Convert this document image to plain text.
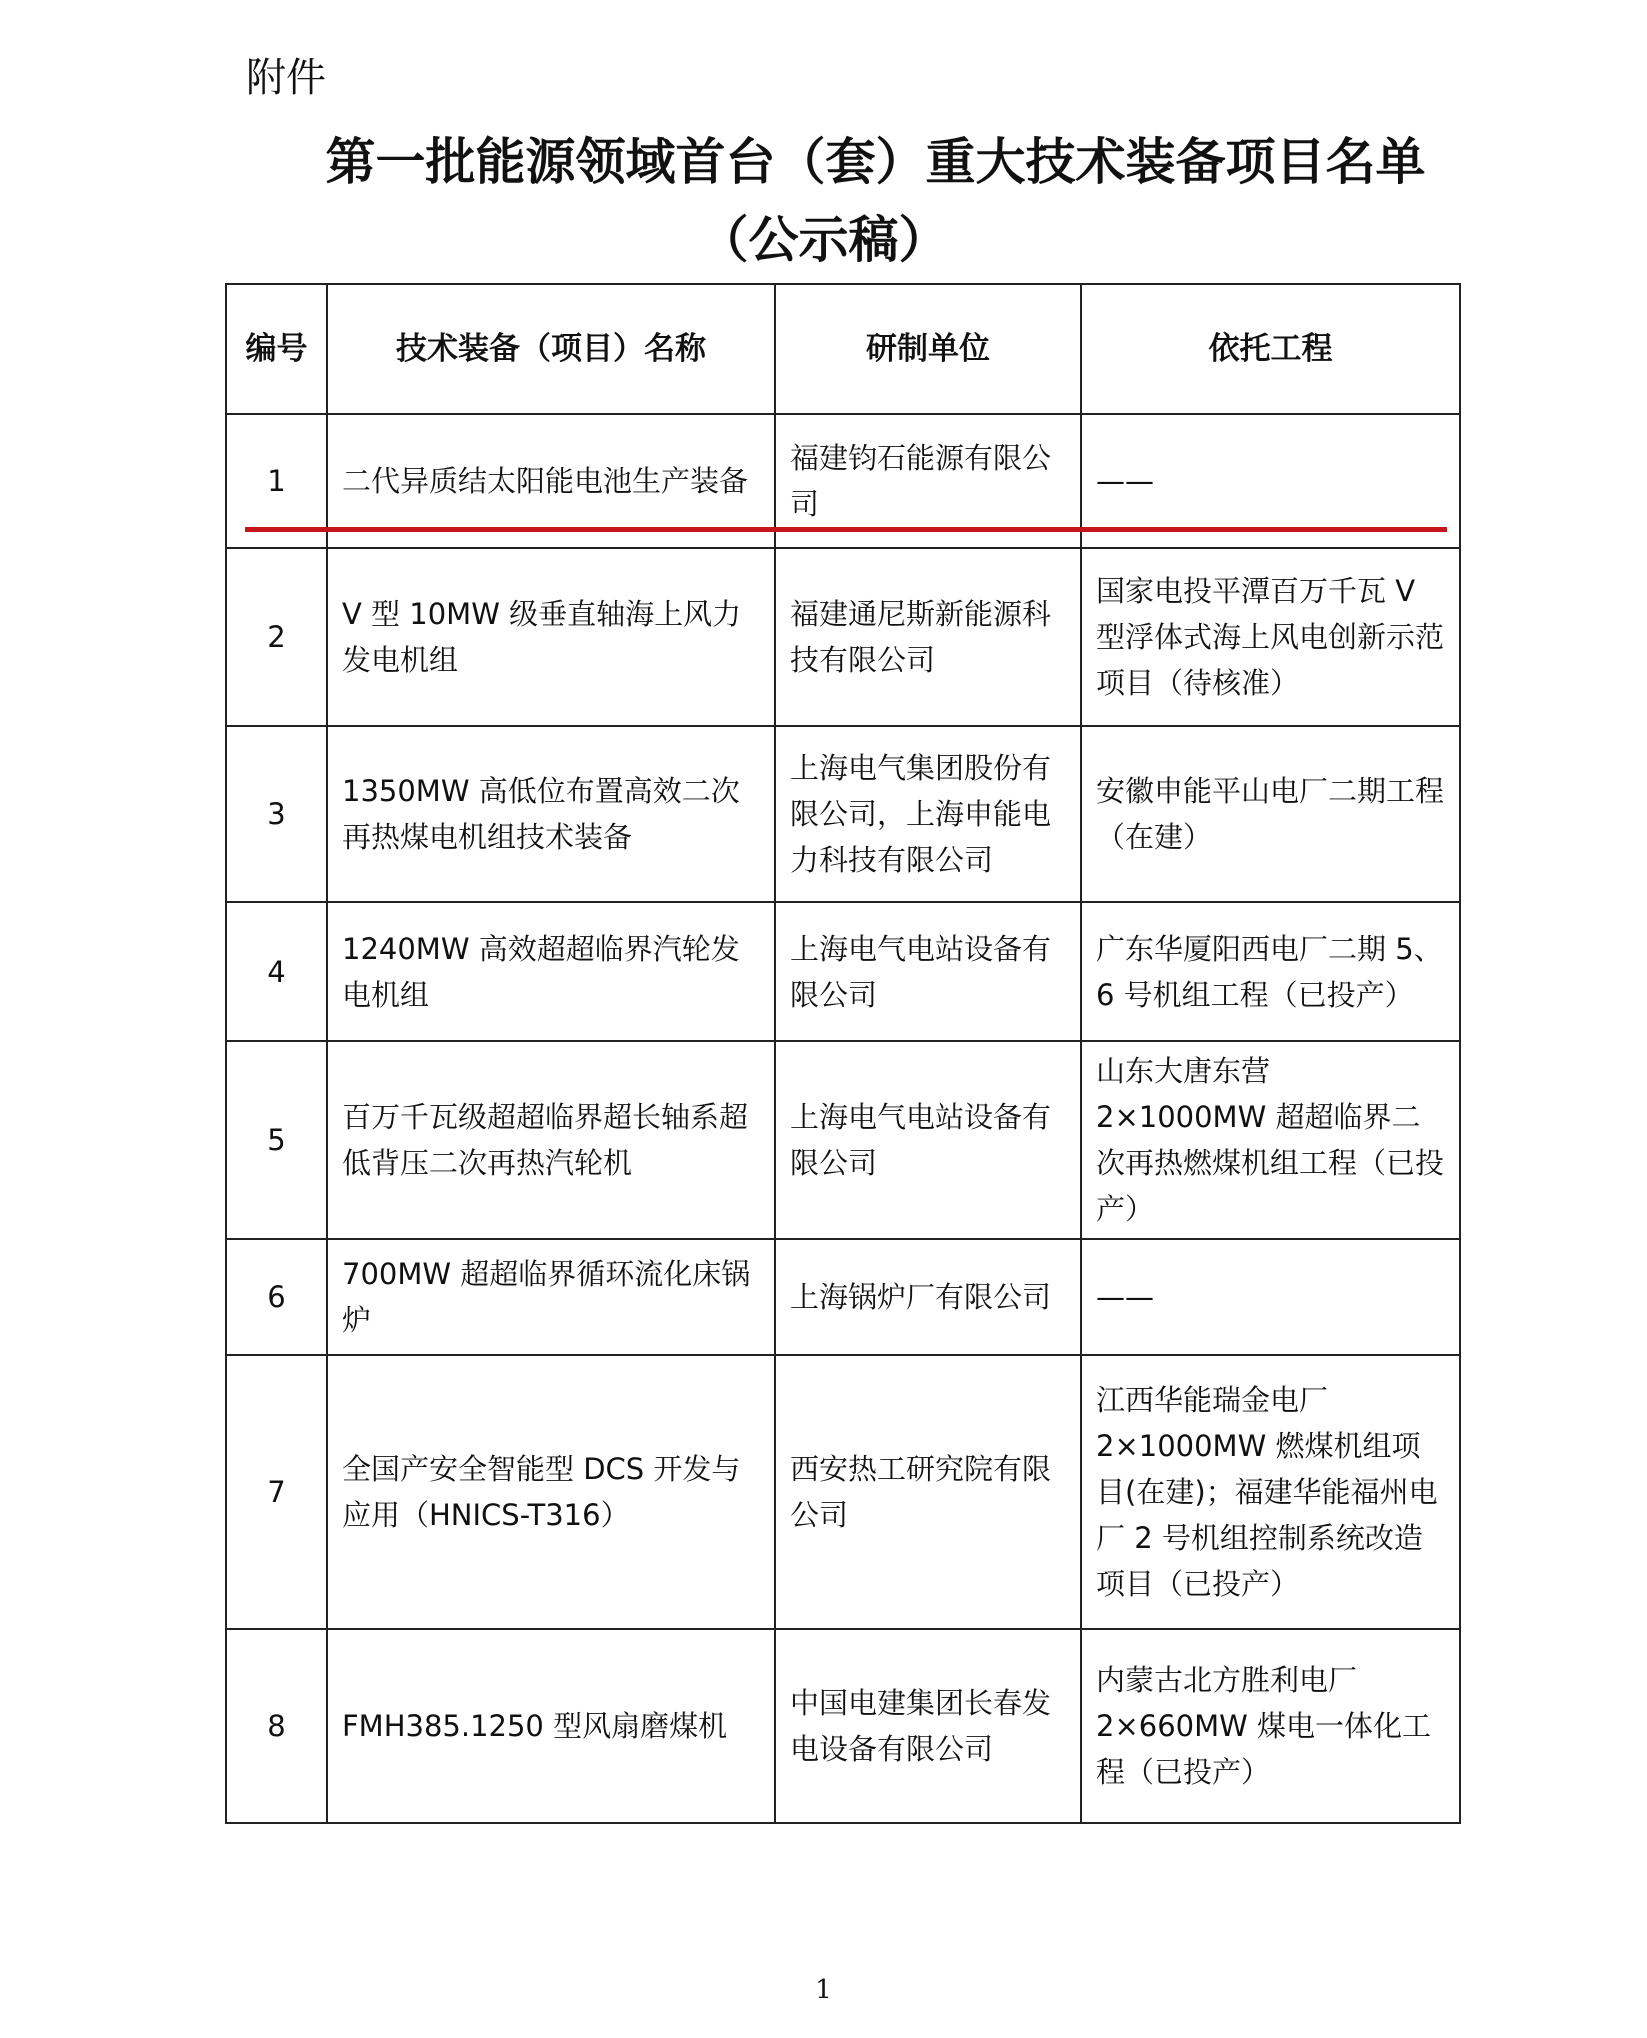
附件
第一批能源领域首台（套）重大技术装备项目名单
（公示稿）
编号	技术装备（项目）名称	研制单位	依托工程
1	二代异质结太阳能电池生产装备	福建钧石能源有限公司	——
2	V 型 10MW 级垂直轴海上风力发电机组	福建通尼斯新能源科技有限公司	国家电投平潭百万千瓦 V 型浮体式海上风电创新示范项目（待核准）
3	1350MW 高低位布置高效二次再热煤电机组技术装备	上海电气集团股份有限公司，上海申能电力科技有限公司	安徽申能平山电厂二期工程（在建）
4	1240MW 高效超超临界汽轮发电机组	上海电气电站设备有限公司	广东华厦阳西电厂二期 5、6 号机组工程（已投产）
5	百万千瓦级超超临界超长轴系超低背压二次再热汽轮机	上海电气电站设备有限公司	山东大唐东营 2×1000MW 超超临界二次再热燃煤机组工程（已投产）
6	700MW 超超临界循环流化床锅炉	上海锅炉厂有限公司	——
7	全国产安全智能型 DCS 开发与应用（HNICS-T316）	西安热工研究院有限公司	江西华能瑞金电厂 2×1000MW 燃煤机组项目(在建)；福建华能福州电厂 2 号机组控制系统改造项目（已投产）
8	FMH385.1250 型风扇磨煤机	中国电建集团长春发电设备有限公司	内蒙古北方胜利电厂 2×660MW 煤电一体化工程（已投产）
1
